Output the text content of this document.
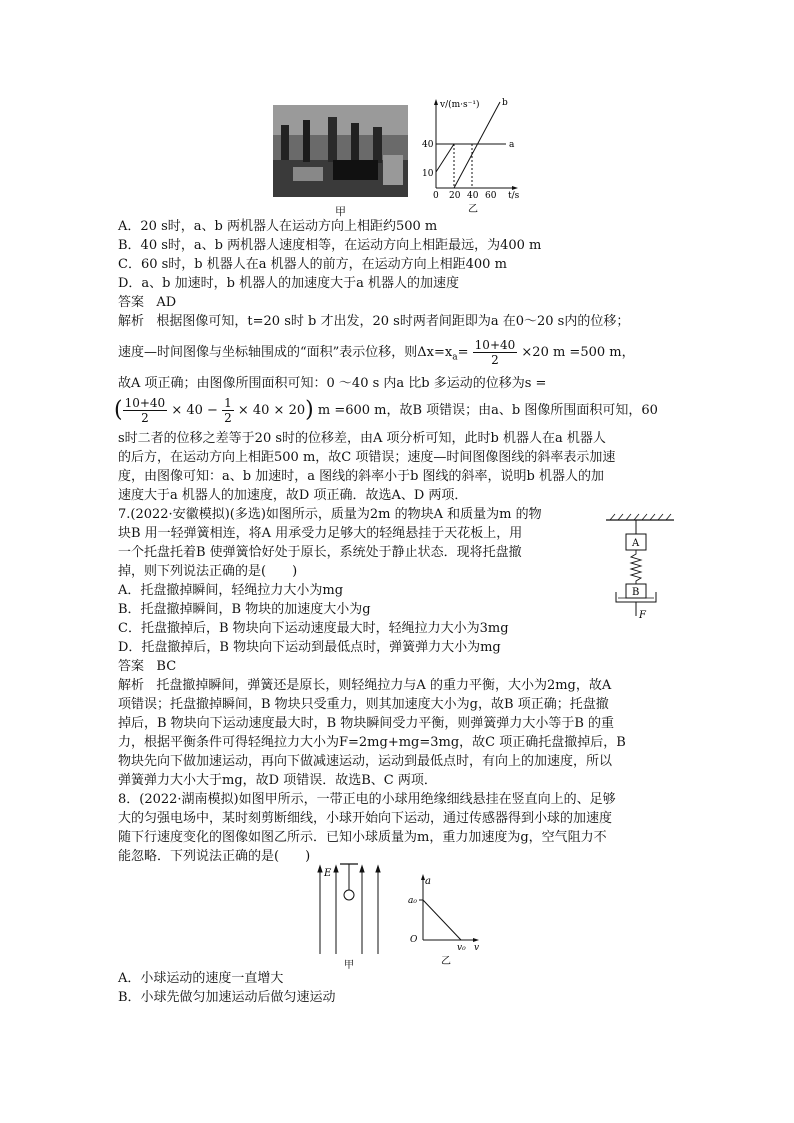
甲
v/(m·s⁻¹)
t/s
a
b
40
10
0 20 40 60
乙
A．20 s时，a、b 两机器人在运动方向上相距约500 m
B．40 s时，a、b 两机器人速度相等，在运动方向上相距最远，为400 m
C．60 s时，b 机器人在a 机器人的前方，在运动方向上相距400 m
D．a、b 加速时，b 机器人的加速度大于a 机器人的加速度
答案 AD
解析 根据图像可知，t=20 s时 b 才出发，20 s时两者间距即为a 在0～20 s内的位移；
速度—时间图像与坐标轴围成的“面积”表示位移，则$\Delta x=x_a= \frac{10+40}{2} \times 20$ m =500 m，
故A 项正确；由图像所围面积可知：0 ～40 s 内a 比b 多运动的位移为s =
( $\frac{10+40}{2} \times 40 - \frac{1}{2} \times 40 \times 20$) m =600 m，故B 项错误；由a、b 图像所围面积可知，60
s时二者的位移之差等于20 s时的位移差，由A 项分析可知，此时b 机器人在a 机器人
的后方，在运动方向上相距500 m，故C 项错误；速度—时间图像图线的斜率表示加速
度，由图像可知：a、b 加速时，a 图线的斜率小于b 图线的斜率，说明b 机器人的加
速度大于a 机器人的加速度，故D 项正确．故选A、D 两项．
7.(2022·安徽模拟)(多选)如图所示，质量为2m 的物块A 和质量为m 的物
块B 用一轻弹簧相连，将A 用承受力足够大的轻绳悬挂于天花板上，用
一个托盘托着B 使弹簧恰好处于原长，系统处于静止状态．现将托盘撤
掉，则下列说法正确的是(　　)
A．托盘撤掉瞬间，轻绳拉力大小为mg
B．托盘撤掉瞬间，B 物块的加速度大小为g
C．托盘撤掉后，B 物块向下运动速度最大时，轻绳拉力大小为3mg
D．托盘撤掉后，B 物块向下运动到最低点时，弹簧弹力大小为mg
答案 BC
解析 托盘撤掉瞬间，弹簧还是原长，则轻绳拉力与A 的重力平衡，大小为2mg，故A
项错误；托盘撤掉瞬间，B 物块只受重力，则其加速度大小为g，故B 项正确；托盘撤
掉后，B 物块向下运动速度最大时，B 物块瞬间受力平衡，则弹簧弹力大小等于B 的重
力，根据平衡条件可得轻绳拉力大小为F=2mg+mg=3mg，故C 项正确托盘撤掉后，B
物块先向下做加速运动，再向下做减速运动，运动到最低点时，有向上的加速度，所以
弹簧弹力大小大于mg，故D 项错误．故选B、C 两项．
A
B
F
8．(2022·湖南模拟)如图甲所示，一带正电的小球用绝缘细线悬挂在竖直向上的、足够
大的匀强电场中，某时刻剪断细线，小球开始向下运动，通过传感器得到小球的加速度
随下行速度变化的图像如图乙所示．已知小球质量为m，重力加速度为g，空气阻力不
能忽略．下列说法正确的是(　　)
E
甲
a
a₀
O
v₀ v
乙
A．小球运动的速度一直增大
B．小球先做匀加速运动后做匀速运动
